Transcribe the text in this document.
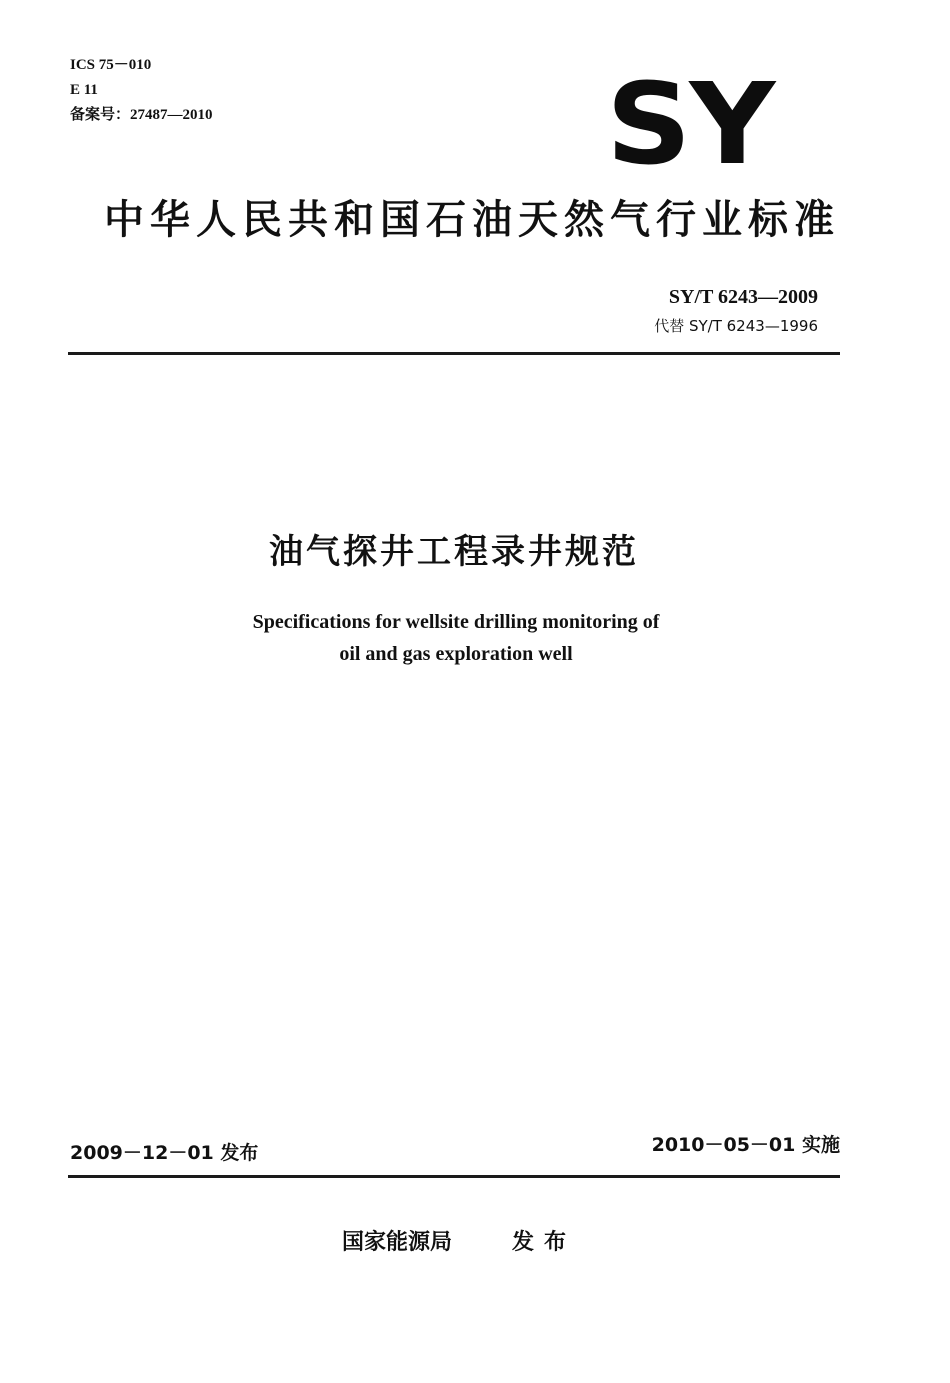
ICS 75－010
E 11
备案号：27487—2010	SY
中华人民共和国石油天然气行业标准
SY/T 6243—2009
代替 SY/T 6243—1996
油气探井工程录井规范
Specifications for wellsite drilling monitoring of
oil and gas exploration well
2009－12－01 发布	2010－05－01 实施
国家能源局	发布
